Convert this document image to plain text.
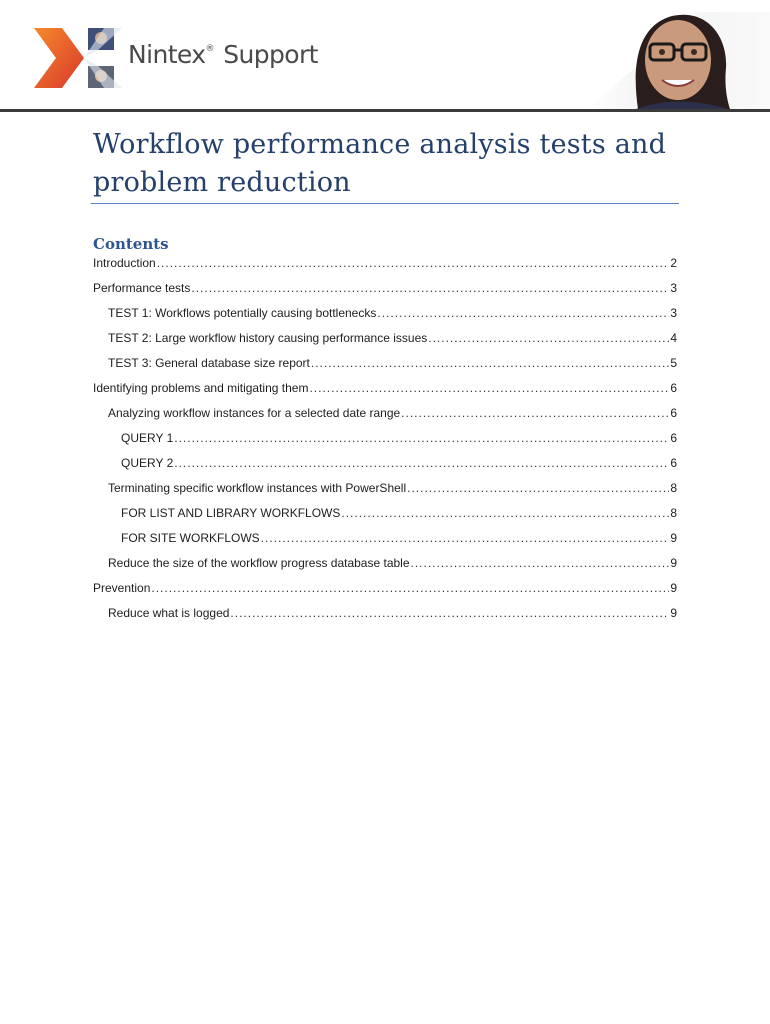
Nintex® Support
Workflow performance analysis tests and problem reduction
Contents
Introduction .....	2
Performance tests .....	3
TEST 1: Workflows potentially causing bottlenecks .....	3
TEST 2: Large workflow history causing performance issues .....	4
TEST 3: General database size report .....	5
Identifying problems and mitigating them .....	6
Analyzing workflow instances for a selected date range .....	6
QUERY 1 .....	6
QUERY 2 .....	6
Terminating specific workflow instances with PowerShell .....	8
FOR LIST AND LIBRARY WORKFLOWS .....	8
FOR SITE WORKFLOWS .....	9
Reduce the size of the workflow progress database table .....	9
Prevention .....	9
Reduce what is logged .....	9
